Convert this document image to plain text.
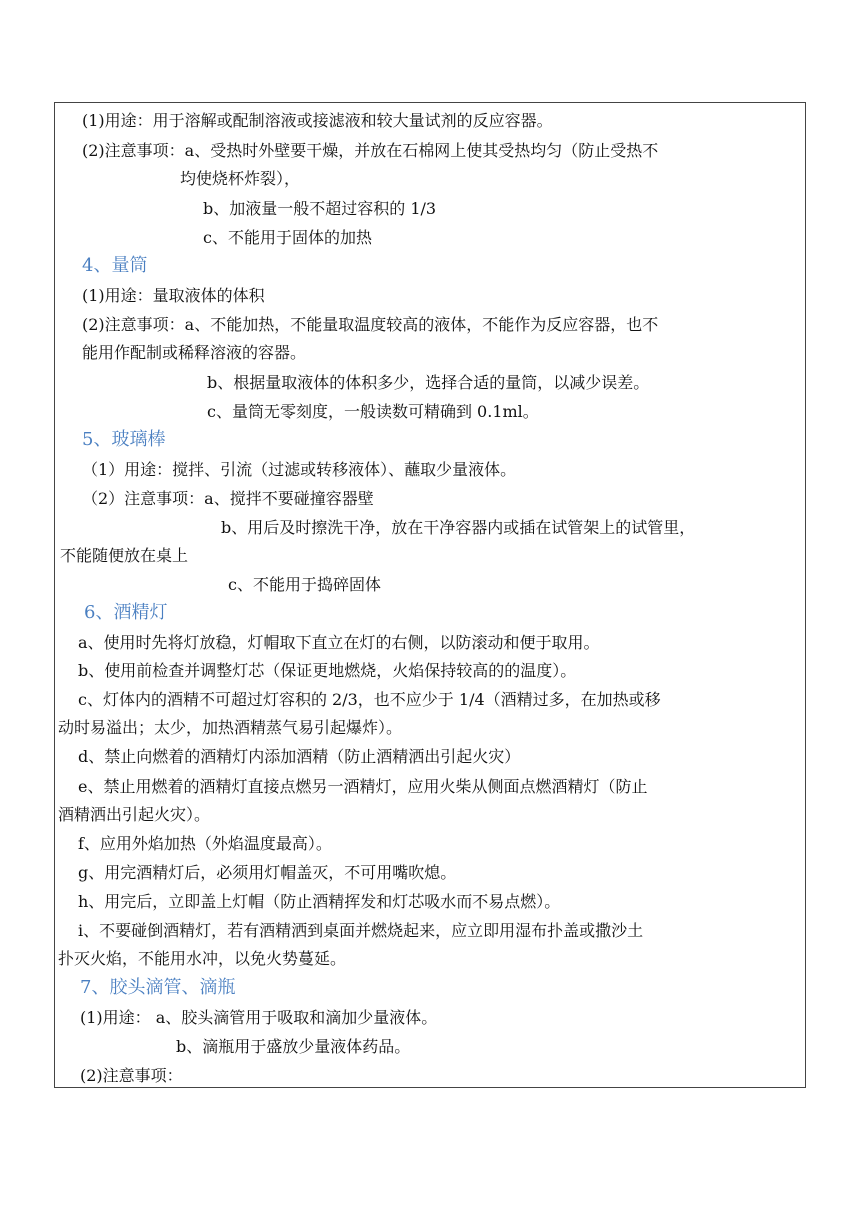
(1)用途：用于溶解或配制溶液或接滤液和较大量试剂的反应容器。
(2)注意事项：a、受热时外壁要干燥，并放在石棉网上使其受热均匀（防止受热不
均使烧杯炸裂），
b、加液量一般不超过容积的 1/3
c、不能用于固体的加热
4、量筒
(1)用途：量取液体的体积
(2)注意事项：a、不能加热，不能量取温度较高的液体，不能作为反应容器，也不
能用作配制或稀释溶液的容器。
b、根据量取液体的体积多少，选择合适的量筒，以减少误差。
c、量筒无零刻度，一般读数可精确到 0.1ml。
5、玻璃棒
（1）用途：搅拌、引流（过滤或转移液体）、蘸取少量液体。
（2）注意事项：a、搅拌不要碰撞容器壁
b、用后及时擦洗干净，放在干净容器内或插在试管架上的试管里，
不能随便放在桌上
c、不能用于捣碎固体
6、酒精灯
a、使用时先将灯放稳，灯帽取下直立在灯的右侧，以防滚动和便于取用。
b、使用前检查并调整灯芯（保证更地燃烧，火焰保持较高的的温度）。
c、灯体内的酒精不可超过灯容积的 2/3，也不应少于 1/4（酒精过多，在加热或移
动时易溢出；太少，加热酒精蒸气易引起爆炸）。
d、禁止向燃着的酒精灯内添加酒精（防止酒精洒出引起火灾）
e、禁止用燃着的酒精灯直接点燃另一酒精灯，应用火柴从侧面点燃酒精灯（防止
酒精洒出引起火灾）。
f、应用外焰加热（外焰温度最高）。
g、用完酒精灯后，必须用灯帽盖灭，不可用嘴吹熄。
h、用完后，立即盖上灯帽（防止酒精挥发和灯芯吸水而不易点燃）。
i、不要碰倒酒精灯，若有酒精洒到桌面并燃烧起来，应立即用湿布扑盖或撒沙土
扑灭火焰，不能用水冲，以免火势蔓延。
7、胶头滴管、滴瓶
(1)用途： a、胶头滴管用于吸取和滴加少量液体。
b、滴瓶用于盛放少量液体药品。
(2)注意事项：
